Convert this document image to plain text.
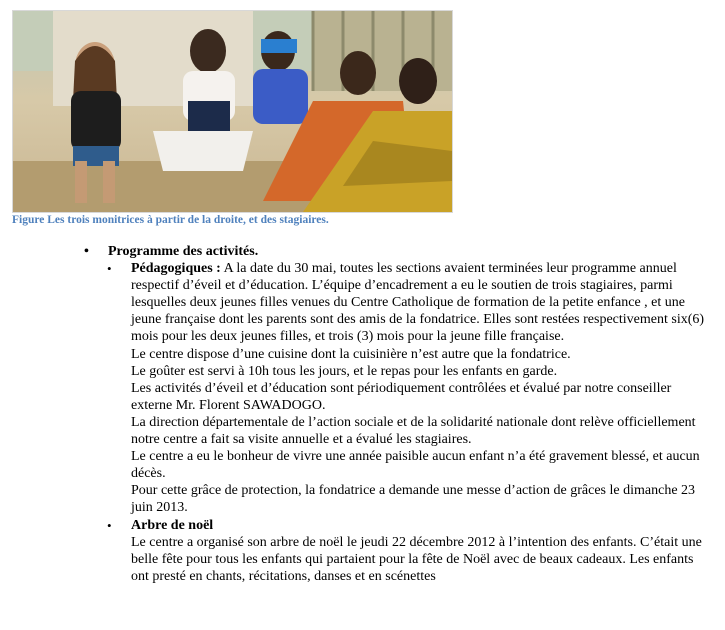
Figure Les trois monitrices à partir de la droite, et des stagiaires.
•	Programme des activités.
•	Pédagogiques : A la date du 30 mai, toutes les sections avaient terminées leur programme annuel respectif d’éveil et d’éducation. L’équipe d’encadrement a eu le soutien de trois stagiaires, parmi lesquelles deux jeunes filles venues du Centre Catholique de formation de la petite enfance , et une jeune française dont les parents sont des amis de la fondatrice. Elles sont restées respectivement six(6) mois pour les deux jeunes filles, et trois (3) mois pour la jeune fille française.

Le centre dispose d’une cuisine dont la cuisinière n’est autre que la fondatrice.

Le goûter est servi à 10h tous les jours, et le repas pour les enfants en garde.

Les activités d’éveil et d’éducation sont périodiquement contrôlées et évalué par notre conseiller externe Mr. Florent SAWADOGO.

La direction départementale de l’action sociale et de la solidarité nationale dont relève officiellement notre centre a fait sa visite annuelle et a évalué les stagiaires.

Le centre a eu le bonheur de vivre une année paisible aucun enfant n’a été gravement blessé, et aucun décès.

Pour cette grâce de protection, la fondatrice a demande une messe d’action de grâces le dimanche 23 juin 2013.

•	Arbre de noël

Le centre a organisé son arbre de noël le jeudi 22 décembre 2012 à l’intention des enfants. C’était une belle fête pour tous les enfants qui partaient pour la fête de Noël avec de beaux cadeaux. Les enfants ont presté en chants, récitations, danses et en scénettes
